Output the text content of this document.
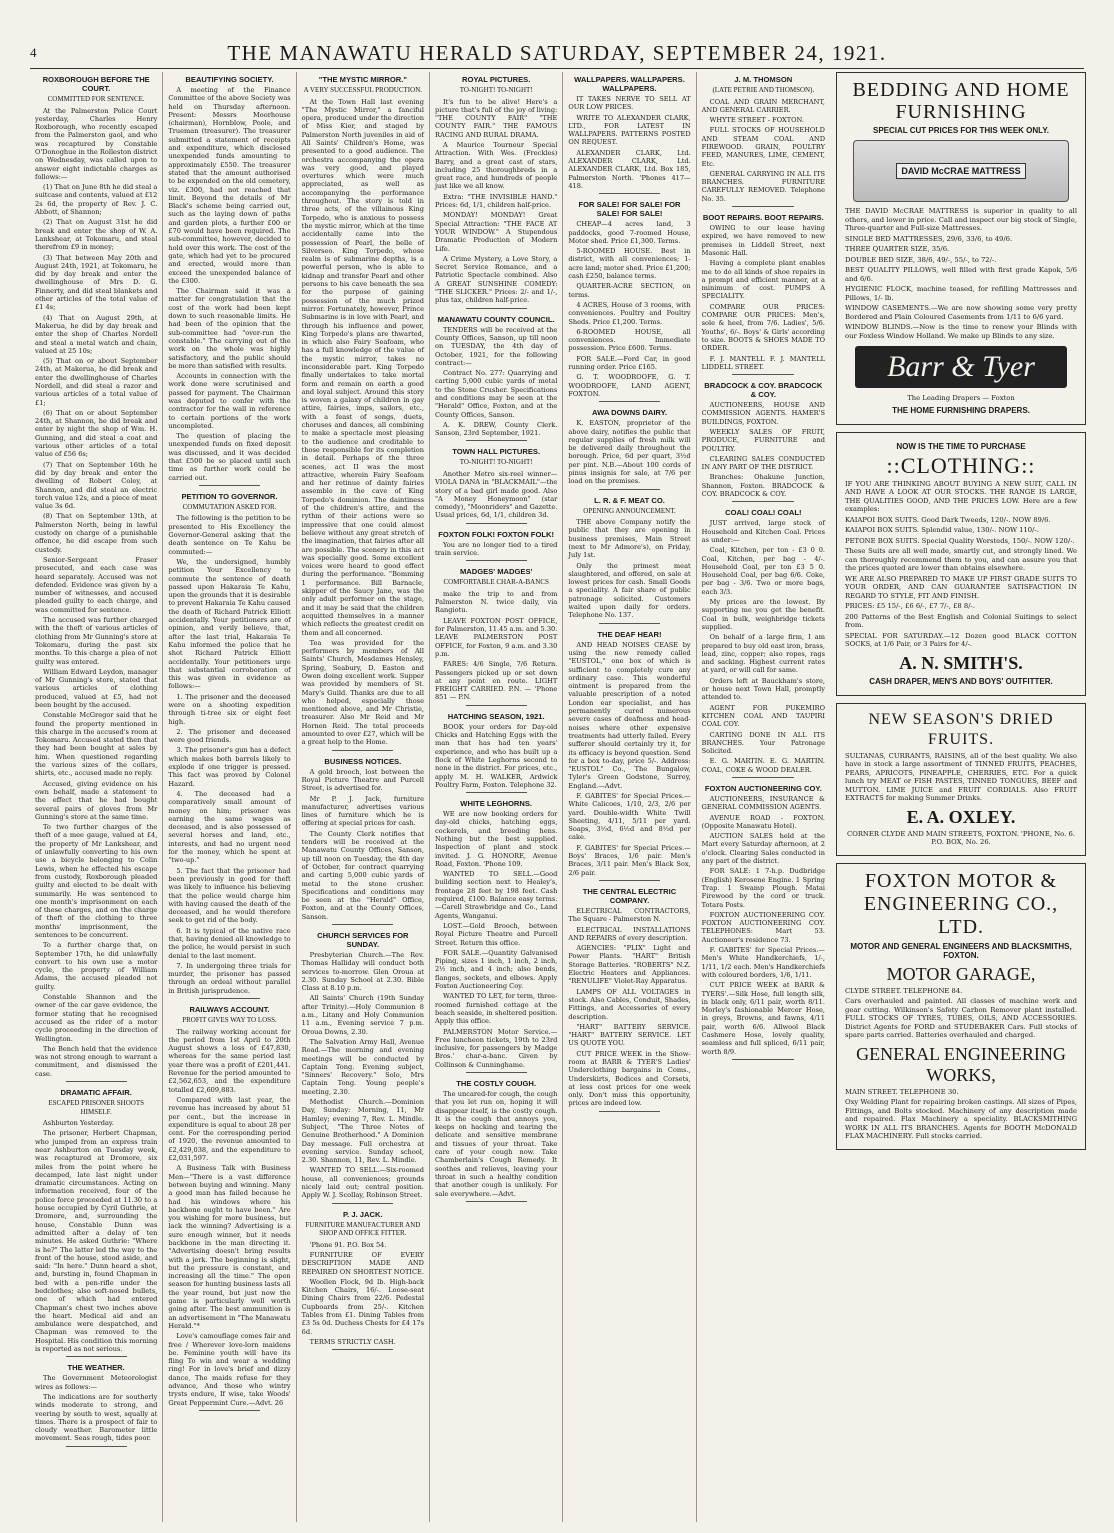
4	THE MANAWATU HERALD SATURDAY, SEPTEMBER 24, 1921.
ROXBOROUGH BEFORE THE COURT.
COMMITTED FOR SENTENCE.

At the Palmerston Police Court yesterday, Charles Henry Roxborough, who recently escaped from the Palmerston gaol, and who was recaptured by Constable O'Donoghue in the Rolleston district on Wednesday, was called upon to answer eight indictable charges as follows:—

(1) That on June 8th he did steal a suitcase and contents, valued at £12 2s 6d, the property of Rev. J. C. Abbott, of Shannon;

(2) That on August 31st he did break and enter the shop of W. A. Lankshear, at Tokomaru, and steal therefrom £9 in money;

(3) That between May 20th and August 24th, 1921, at Tokomaru, he did by day break and enter the dwellinghouse of Mrs D. G. Finnerty, and did steal blankets and other articles of the total value of £1 4s;

(4) That on August 29th, at Makerua, he did by day break and enter the shop of Charles Nordell and steal a metal watch and chain, valued at 25 10s;

(5) That on or about September 24th, at Makerua, he did break and enter the dwellinghouse of Charles Nordell, and did steal a razor and various articles of a total value of £1;

(6) That on or about September 24th, at Shannon, he did break and enter by night the shop of Wm. H. Gunning, and did steal a coat and various other articles of a total value of £56 6s;

(7) That on September 16th he did by day break and enter the dwelling of Robert Coley, at Shannon, and did steal an electric torch value 12s, and a piece of meat value 3s 6d.

(8) That on September 13th, at Palmerston North, being in lawful custody on charge of a punishable offence, he did escape from such custody.

Senior-Sergeant Fraser prosecuted, and each case was heard separately. Accused was not defended. Evidence was given by a number of witnesses, and accused pleaded guilty to each charge, and was committed for sentence.

The accused was further charged with the theft of various articles of clothing from Mr Gunning's store at Tokomaru, during the past six months. To this charge a plea of not guilty was entered.

William Edward Leydon, manager of Mr Gunning's store, stated that various articles of clothing produced, valued at £5, had not been bought by the accused.

Constable McGregor said that he found the property mentioned in this charge in the accused's room at Tokomaru. Accused stated then that they had been bought at sales by him. When questioned regarding the various sizes of the collars, shirts, etc., accused made no reply.

Accused, giving evidence on his own behalf, made a statement to the effect that he had bought several pairs of gloves from Mr Gunning's store at the same time.

To two further charges of the theft of a mee gauge, valued at £4, the property of Mr Lankshear, and of unlawfully converting to his own use a bicycle belonging to Colin Lewis, when he effected his escape from custody, Roxborough pleaded guilty and elected to be dealt with summarily. He was sentenced to one month's imprisonment on each of these charges, and on the charge of theft of the clothing to three months' imprisonment, the sentences to be concurrent.

To a further charge that, on September 17th, he did unlawfully convert to his own use a motor cycle, the property of William Adams, the accused pleaded not guilty.

Constable Shannon and the owner of the car gave evidence, the former stating that he recognised accused as the rider of a motor cycle proceeding in the direction of Wellington.

The Bench held that the evidence was not strong enough to warrant a commitment, and dismissed the case.

DRAMATIC AFFAIR.
ESCAPED PRISONER SHOOTS HIMSELF.

Ashburton Yesterday.

The prisoner, Herbert Chapman, who jumped from an express train near Ashburton on Tuesday week, was recaptured at Dromore, six miles from the point where he decamped, late last night under dramatic circumstances. Acting on information received, four of the police force proceeded at 11.30 to a house occupied by Cyril Guthrie, at Dromore, and, surrounding the house, Constable Dunn was admitted after a delay of ten minutes. He asked Guthrie: "Where is he?" The latter led the way to the front of the house, stood aside, and said: "In here." Dunn heard a shot, and, bursting in, found Chapman in bed with a pen-rifle under the bedclothes; also soft-nosed bullets, one of which had entered Chapman's chest two inches above the heart. Medical aid and an ambulance were despatched, and Chapman was removed to the Hospital. His condition this morning is reported as not serious.

THE WEATHER.

The Government Meteorologist wires as follows:—

The indications are for southerly winds moderate to strong, and veering by south to west, squally at times. There is a prospect of fair to cloudy weather. Barometer little movement. Seas rough, tides poor.

BEAUTIFYING SOCIETY.

A meeting of the Finance Committee of the above Society was held on Thursday afternoon. Present: Messrs Moorhouse (chairman), Hornblow, Poole, and Trueman (treasurer). The treasurer submitted a statement of receipts and expenditure, which disclosed unexpended funds amounting to approximately £550. The treasurer stated that the amount authorised to be expended on the old cemetery, viz. £300, had not reached that limit. Beyond the details of Mr Black's scheme being carried out, such as the laying down of paths and garden plots, a further £00 or £70 would have been required. The sub-committee, however, decided to hold over this work. The cost of the gate, which had yet to be procured and erected, would more than exceed the unexpended balance of the £300.

The Chairman said it was a matter for congratulation that the cost of the work had been kept down to such reasonable limits. He had been of the opinion that the sub-committee had "over-run the constable." The carrying out of the work on the whole was highly satisfactory, and the public should be more than satisfied with results.

Accounts in connection with the work done were scrutinised and passed for payment. The Chairman was deputed to confer with the contractor for the wall in reference to certain portions of the work uncompleted.

The question of placing the unexpended funds on fixed deposit was discussed, and it was decided that £500 be so placed until such time as further work could be carried out.

PETITION TO GOVERNOR.
COMMUTATION ASKED FOR.

The following is the petition to be presented to His Excellency the Governor-General asking that the death sentence on Te Kahu be commuted:—

We, the undersigned, humbly petition Your Excellency to commute the sentence of death passed upon Hakaraia Te Kahu, upon the grounds that it is desirable to prevent Hakaraia Te Kahu caused the death of Richard Patrick Elliott accidentally. Your petitioners are of opinion, and verily believe, that, after the last trial, Hakaraia Te Kahu informed the police that he shot Richard Patrick Elliott accidentally. Your petitioners urge that substantial corroboration of this was given in evidence as follows:—

1. The prisoner and the deceased were on a shooting expedition through ti-tree six or eight feet high.

2. The prisoner and deceased were good friends.

3. The prisoner's gun has a defect which makes both barrels likely to explode if one trigger is pressed. This fact was proved by Colonel Hazard.

4. The deceased had a comparatively small amount of money on him; prisoner was earning the same wages as deceased, and is also possessed of several horses and land, etc., interests, and had no urgent need for the money, which he spent at "two-up."

5. The fact that the prisoner had been previously in good for theft was likely to influence his believing that the police would charge him with having caused the death of the deceased, and he would therefore seek to get rid of the body.

6. It is typical of the native race that, having denied all knowledge to the police, he would persist in such denial to the last moment.

7. In undergoing three trials for murder, the prisoner has passed through an ordeal without parallel in British jurisprudence.

RAILWAYS ACCOUNT.
PROFIT GIVES WAY TO LOSS.

The railway working account for the period from 1st April to 20th August shows a loss of £47,830, whereas for the same period last year there was a profit of £201,441. Revenue for the period amounted to £2,562,653, and the expenditure totalled £2,609,883.

Compared with last year, the revenue has increased by about 51 per cent., but the increase in expenditure is equal to about 28 per cent. For the corresponding period of 1920, the revenue amounted to £2,429,038, and the expenditure to £2,031,597.

A Business Talk with Business Men—"There is a vast difference between buying and winning. Many a good man has failed because he had his windows where his backbone ought to have been." Are you wishing for more business, but lack the winning? Advertising is a sure enough winner, but it needs backbone in the man directing it. "Advertising doesn't bring results with a jerk. The beginning is slight, but the pressure is constant, and increasing all the time." The open season for hunting business lasts all the year round, but just now the game is particularly well worth going after. The best ammunition is an advertisement in "The Manawatu Herald."*

Love's camouflage comes fair and free / Wherever love-lorn maidens be. Feminine youth will have its fling To win and wear a wedding ring! For in love's brief and dizzy dance, The maids refuse for they advance, And those who wintry trysts endure, If wise, take Woods' Great Peppermint Cure.—Advt. 26

"THE MYSTIC MIRROR."
A VERY SUCCESSFUL PRODUCTION.

At the Town Hall last evening "The Mystic Mirror," a fanciful opera, produced under the direction of Miss Kier, and staged by Palmerston North juveniles in aid of All Saints' Children's Home, was presented to a good audience. The orchestra accompanying the opera was very good, and played overtures which were much appreciated, as well as accompanying the performance throughout. The story is told in three acts, of the villainous King Torpedo, who is anxious to possess the mystic mirror, which at the time accidentally came into the possession of Pearl, the belle of Silverseo. King Torpedo, whose realm is of submarine depths, is a powerful person, who is able to kidnap and transfer Pearl and other persons to his cave beneath the sea for the purpose of gaining possession of the much prized mirror. Fortunately, however, Prince Submarine is in love with Pearl, and through his influence and power, King Torpedo's plans are thwarted, in which also Fairy Seafoam, who has a full knowledge of the value of the mystic mirror, takes no inconsiderable part. King Torpedo finally undertakes to take mortal form and remain on earth a good and loyal subject. Around this story is woven a galaxy of children in gay attire, fairies, imps, sailors, etc., with a feast of songs, duets, choruses and dances, all combining to make a spectacle most pleasing to the audience and creditable to those responsible for its completion in detail. Perhaps of the three scenes, act II was the most attractive, wherein Fairy Seafoam and her retinue of dainty fairies assemble in the cave of King Torpedo's dominion. The daintiness of the children's attire, and the rythm of their actions were so impressive that one could almost believe without any great stretch of the imagination, that fairies after all are possible. The scenery in this act was specially good. Some excellent voices were heard to good effect during the performance. "Bomming 1 performance. Bill Barnacle, skipper of the Saucy Jane, was the only adult performer on the stage, and it may be said that the children acquitted themselves in a manner which reflects the greatest credit on them and all concerned.

Tea was provided for the performers by members of All Saints' Church, Mesdames Hensley, Spring, Seabury, D. Easton and Owen doing excellent work. Supper was provided by members of St. Mary's Guild. Thanks are due to all who helped, especially those mentioned above, and Mr Christie, treasurer. Also Mr Reid and Mr Hornen Reid. The total proceeds amounted to over £27, which will be a great help to the Home.

BUSINESS NOTICES.

A gold brooch, lost between the Royal Picture Theatre and Purcell Street, is advertised for.

Mr P. J. Jack, furniture manufacturer, advertises various lines of furniture which he is offering at special prices for cash.

The County Clerk notifies that tenders will be received at the Manawatu County Offices, Sanson, up till noon on Tuesday, the 4th day of October, for contract quarrying and carting 5,000 cubic yards of metal to the stone crusher. Specifications and conditions may be seen at the "Herald" Office, Foxton, and at the County Offices, Sanson.

CHURCH SERVICES FOR SUNDAY.

Presbyterian Church.—The Rev. Thomas Halliday will conduct both services to-morrow. Glen Oroua at 2.30. Sunday School at 2.30. Bible Class at 8.10 p.m.

All Saints' Church (19th Sunday after Trinity).—Holy Communion 8 a.m., Litany and Holy Communion 11 a.m., Evening service 7 p.m. Oroua Downs, 2.30.

The Salvation Army Hall, Avenue Road.—The morning and evening meetings will be conducted by Captain Tong. Evening subject, "Sinners' Recovery." Solo, Mrs Captain Tong. Young people's meeting, 2.30.

Methodist Church.—Dominion Day, Sunday: Morning, 11, Mr Hamley; evening 7, Rev. L. Mindle. Subject, "The Three Notes of Genuine Brotherhood." A Dominion Day message. Full orchestra at evening service. Sunday school, 2.30. Shannon, 11, Rev. L. Mindle.

WANTED TO SELL.—Six-roomed house, all conveniences; grounds nicely laid out; central position. Apply W. J. Scollay, Robinson Street.

P. J. JACK.
FURNITURE MANUFACTURER AND SHOP AND OFFICE FITTER.

'Phone 91. P.O. Box 54.

FURNITURE OF EVERY DESCRIPTION MADE AND REPAIRED ON SHORTEST NOTICE.

Woollen Flock, 9d lb. High-back Kitchen Chairs, 16/-. Loose-seat Dining Chairs from 22/6. Pedestal Cupboards from 25/-. Kitchen Tables from £1. Dining Tables from £3 5s 0d. Duchess Chests for £4 17s 6d.

TERMS STRICTLY CASH.

ROYAL PICTURES.
TO-NIGHT! TO-NIGHT!

It's fun to be alive! Here's a picture that's full of the joy of living: "THE COUNTY FAIR" "THE COUNTY FAIR." THE FAMOUS RACING AND RURAL DRAMA.

A Maurice Tourneur Special Attraction. With Wes. (Freckles) Barry, and a great cast of stars, including 25 thoroughbreds in a great race, and hundreds of people just like we all know.

Extra: "THE INVISIBLE HAND." Prices: 6d, 1/1, children half-price.

MONDAY! MONDAY! Great Special Attraction: "THE FACE AT YOUR WINDOW." A Stupendous Dramatic Production of Modern Life.

A Crime Mystery, a Love Story, a Secret Service Romance, and a Patriotic Spectacle combined. Also A GREAT SUNSHINE COMEDY: "THE SLICKER." Prices: 2/- and 1/-, plus tax, children half-price.

MANAWATU COUNTY COUNCIL.

TENDERS will be received at the County Offices, Sanson, up till noon on TUESDAY, the 4th day of October, 1921, for the following contract:—

Contract No. 277: Quarrying and carting 5,000 cubic yards of metal to the Stone Crusher. Specifications and conditions may be seen at the "Herald" Office, Foxton, and at the County Offices, Sanson.

A. K. DREW, County Clerk. Sanson, 23rd September, 1921.

TOWN HALL PICTURES.
TO-NIGHT! TO-NIGHT!

Another Metro six-reel winner—VIOLA DANA in "BLACKMAIL"—the story of a bad girl made good. Also "A Money Honeymoon" (star comedy), "Moonriders" and Gazette. Usual prices, 6d, 1/1, children 3d.

FOXTON FOLK! FOXTON FOLK!

You are no longer tied to a tired train service.

MADGES' MADGES'
COMFORTABLE CHAR-A-BANCS

make the trip to and from Palmerston N. twice daily, via Rangiotu.

LEAVE FOXTON POST OFFICE, for Palmerston, 11.45 a.m. and 5.30. LEAVE PALMERSTON POST OFFICE, for Foxton, 9 a.m. and 3.30 p.m.

FARES: 4/6 Single, 7/6 Return. Passengers picked up or set down at any point en route. LIGHT FREIGHT CARRIED. P.N. — 'Phone 851 — P.N.

HATCHING SEASON, 1921.

BOOK your orders for Day-old Chicks and Hatching Eggs with the man that has had ten years' experience, and who has built up a flock of White Leghorns second to none in the district. For prices, etc., apply M. H. WALKER, Ardwick Poultry Farm, Foxton. Telephone 32.

WHITE LEGHORNS.

WE are now booking orders for day-old chicks, hatching eggs, cockerels, and breeding hens. Nothing but the best supplied. Inspection of plant and stock invited. J. G. HONORE, Avenue Road, Foxton. 'Phone 109.

WANTED TO SELL.—Good building section next to Healey's, frontage 28 feet by 198 feet. Cash required, £100. Balance easy terms.—Carell Strawbridge and Co., Land Agents, Wanganui.

LOST.—Gold Brooch, between Royal Picture Theatre and Purcell Street. Return this office.

FOR SALE.—Quantity Galvanised Piping, sizes 1 inch, 1 inch, 2 inch, 2½ inch, and 4 inch; also bends, flanges, sockets, and elbows. Apply Foxton Auctioneering Coy.

WANTED TO LET, for term, three-roomed furnished cottage at the beach seaside, in sheltered position. Apply this office.

PALMERSTON Motor Service.—Free luncheon tickets, 19th to 23rd inclusive, for passengers by Madge Bros.' char-a-banc. Given by Collinson & Cunninghame.

THE COSTLY COUGH.

The uncared-for cough, the cough that you let run on, hoping it will disappear itself, is the costly cough. It is the cough that annoys you, keeps on hacking and tearing the delicate and sensitive membrane and tissues of your throat. Take care of your cough now. Take Chamberlain's Cough Remedy. It soothes and relieves, leaving your throat in such a healthy condition that another cough is unlikely. For sale everywhere.—Advt.

WALLPAPERS. WALLPAPERS. WALLPAPERS.

IT TAKES NERVE TO SELL AT OUR LOW PRICES.

WRITE TO ALEXANDER CLARK, LTD., FOR LATEST IN WALLPAPERS. PATTERNS POSTED ON REQUEST.

ALEXANDER CLARK, Ltd. ALEXANDER CLARK, Ltd. ALEXANDER CLARK, Ltd. Box 185, Palmerston North. 'Phones 417—418.

FOR SALE! FOR SALE! FOR SALE! FOR SALE!

CHEAP—4 acres land, 3 paddocks, good 7-roomed House, Motor shed. Price £1,300. Terms.

5-ROOMED HOUSE. Best in district, with all conveniences; 1-acre land; motor shed. Price £1,200; cash £250, balance terms.

QUARTER-ACRE SECTION, on terms.

4 ACRES, House of 3 rooms, with conveniences. Poultry and Poultry Sheds. Price £1,200. Terms.

6-ROOMED HOUSE, all conveniences. Immediate possession. Price £600. Terms.

FOR SALE.—Ford Car, in good running order. Price £165.

G. T. WOODROOFE, G. T. WOODROOFE, LAND AGENT, FOXTON.

AWA DOWNS DAIRY.

K. EASTON, proprietor of the above dairy, notifies the public that regular supplies of fresh milk will be delivered daily throughout the borough. Price, 6d per quart, 3½d per pint. N.B.—About 100 cords of pinus insignis for sale, at 7/6 per load on the premises.

L. R. & F. MEAT CO.
OPENING ANNOUNCEMENT.

THE above Company notify the public that they are opening in business premises, Main Street (next to Mr Admore's), on Friday, July 1st.

Only the primest meat slaughtered, and offered, on sale at lowest prices for cash. Small Goods a speciality. A fair share of public patronage solicited. Customers waited upon daily for orders. Telephone No. 137.

THE DEAF HEAR!

AND HEAD NOISES CEASE by using the new remedy called "EUSTOL," one box of which is sufficient to completely cure any ordinary case. This wonderful ointment is prepared from the valuable prescription of a noted London ear specialist, and has permanently cured numerous severe cases of deafness and head-noises where other expensive treatments had utterly failed. Every sufferer should certainly try it, for its efficacy is beyond question. Send for a box to-day, price 5/-. Address: "EUSTOL" Co., The Bungalow, Tyler's Green Godstone, Surrey, England.—Advt.

F. GABITES' for Special Prices.—White Calicoes, 1/10, 2/3, 2/6 per yard. Double-width White Twill Sheeting, 4/11, 5/11 per yard. Soaps, 3½d, 6½d and 8½d per cake.

F. GABITES' for Special Prices.—Boys' Braces, 1/6 pair. Men's Braces, 3/11 pair. Men's Black Sox, 2/6 pair.

THE CENTRAL ELECTRIC COMPANY.

ELECTRICAL CONTRACTORS, The Square - Palmerston N.

ELECTRICAL INSTALLATIONS AND REPAIRS of every description.

AGENCIES: "PLIX" Light and Power Plants. "HART" British Storage Batteries. "ROBERTS" N.Z. Electric Heaters and Appliances. "RENULIFE" Violet-Ray Apparatus.

LAMPS OF ALL VOLTAGES in stock. Also Cables, Conduit, Shades, Fittings, and Accessories of every description.

"HART" BATTERY SERVICE. "HART" BATTERY SERVICE. LET US QUOTE YOU.

CUT PRICE WEEK in the Show-room at BARR & TYER'S Ladies' Underclothing bargains in Coms., Underskirts, Bodices and Corsets, at less cost prices for one week only. Don't miss this opportunity, prices are indeed low.

J. M. THOMSON
(LATE PETRIE AND THOMSON).

COAL AND GRAIN MERCHANT, AND GENERAL CARRIER.

WHYTE STREET - FOXTON.

FULL STOCKS OF HOUSEHOLD AND STEAM COAL AND FIREWOOD. GRAIN, POULTRY FEED, MANURES, LIME, CEMENT, Etc.

GENERAL CARRYING IN ALL ITS BRANCHES. FURNITURE CAREFULLY REMOVED. Telephone No. 35.

BOOT REPAIRS. BOOT REPAIRS.

OWING to our lease having expired, we have removed to new premises in Liddell Street, next Masonic Hall.

Having a complete plant enables me to do all kinds of shoe repairs in a prompt and efficient manner, at a minimum of cost. PUMPS A SPECIALITY.

COMPARE OUR PRICES: COMPARE OUR PRICES: Men's, sole & heel, from 7/6. Ladies', 5/6. Youths', 6/-. Boys' & Girls' according to size. BOOTS & SHOES MADE TO ORDER.

F. J. MANTELL F. J. MANTELL LIDDELL STREET.

BRADCOCK & COY. BRADCOCK & COY.

AUCTIONEERS, HOUSE AND COMMISSION AGENTS. HAMER'S BUILDINGS, FOXTON.

WEEKLY SALES OF FRUIT, PRODUCE, FURNITURE and POULTRY.

CLEARING SALES CONDUCTED IN ANY PART OF THE DISTRICT.

Branches: Ohakune Junction, Shannon, Foxton. BRADCOCK & COY. BRADCOCK & COY.

COAL! COAL! COAL!

JUST arrived, large stock of Household and Kitchen Coal. Prices as under:—

Coal, Kitchen, per ton - £3 0 0. Coal, Kitchen, per bag - 4/-. Household Coal, per ton £3 5 0. Household Coal, per bag 6/6. Coke, per bag - 3/6. Two or more bags, each 3/3.

My prices are the lowest. By supporting me you get the benefit. Coal in bulk, weighbridge tickets supplied.

On behalf of a large firm, I am prepared to buy old east iron, brass, lead, zinc, copper; also ropes, rags and sacking. Highest current rates at yard, or will call for same.

Orders left at Bauckham's store, or house next Town Hall, promptly attended to.

AGENT FOR PUKEMIRO KITCHEN COAL AND TAUPIRI COAL COY.

CARTING DONE IN ALL ITS BRANCHES. Your Patronage Solicited.

E. G. MARTIN. E. G. MARTIN. COAL, COKE & WOOD DEALER.

FOXTON AUCTIONEERING COY.

AUCTIONEERS, INSURANCE & GENERAL COMMISSION AGENTS.

AVENUE ROAD - FOXTON. (Opposite Manawatu Hotel).

AUCTION SALES held at the Mart every Saturday afternoon, at 2 o'clock. Clearing Sales conducted in any part of the district.

FOR SALE: 1 7-h.p. Dudbridge (English) Kerosene Engine. 1 Spring Trap. 1 Swamp Plough. Matai Firewood by the cord or truck. Totara Posts.

FOXTON AUCTIONEERING COY. FOXTON AUCTIONEERING COY. TELEPHONES: Mart 53. Auctioneer's residence 73.

F. GABITES' for Special Prices.—Men's White Handkerchiefs, 1/-, 1/11, 1/2 each. Men's Handkerchiefs with coloured borders, 1/6, 1/11.

CUT PRICE WEEK at BARR & TYERS'.—Silk Hose, full length silk, in black only, 6/11 pair, worth 8/11. Morley's fashionable Mercer Hose, in greys, Browns, and fawns, 4/11 pair, worth 6/6. Allwool Black Cashmere Hose, lovely quality, seamless and full spliced, 6/11 pair, worth 8/9.

BEDDING AND HOME FURNISHING
SPECIAL CUT PRICES FOR THIS WEEK ONLY.
DAVID McCRAE MATTRESS
THE DAVID McCRAE MATTRESS is superior in quality to all others, and lower in price. Call and inspect our big stock of Single, Three-quarter and Full-size Mattresses.
SINGLE BED MATTRESSES, 29/6, 33/6, to 49/6.
THREE QUARTER SIZE, 35/6.
DOUBLE BED SIZE, 38/6, 49/-, 55/-, to 72/-.
BEST QUALITY PILLOWS, well filled with first grade Kapok, 5/6 and 6/6.
HYGIENIC FLOCK, machine teased, for refilling Mattresses and Pillows, 1/- lb.
WINDOW CASEMENTS.—We are now showing some very pretty Bordered and Plain Coloured Casements from 1/11 to 6/6 yard.
WINDOW BLINDS.—Now is the time to renew your Blinds with our Foxless Window Holland. We make up Blinds to any size.
Barr & Tyer
The Leading Drapers — Foxton
THE HOME FURNISHING DRAPERS.
NOW IS THE TIME TO PURCHASE
::CLOTHING::
IF YOU ARE THINKING ABOUT BUYING A NEW SUIT, CALL IN AND HAVE A LOOK AT OUR STOCKS. THE RANGE IS LARGE, THE QUALITIES GOOD, AND THE PRICES LOW. Here are a few examples:
KAIAPOI BOX SUITS. Good Dark Tweeds, 120/-. NOW 89/6.
KAIAPOI BOX SUITS. Splendid value, 130/-. NOW 110/-.
PETONE BOX SUITS. Special Quality Worsteds, 150/-. NOW 120/-.
These Suits are all well made, smartly cut, and strongly lined. We can thoroughly recommend them to you, and can assure you that the prices quoted are lower than obtains elsewhere.
WE ARE ALSO PREPARED TO MAKE UP FIRST GRADE SUITS TO YOUR ORDER, AND CAN GUARANTEE SATISFACTION IN REGARD TO STYLE, FIT AND FINISH.
PRICES: £5 15/-, £6 6/-, £7 7/-, £8 8/-.
200 Patterns of the Best English and Colonial Suitings to select from.
SPECIAL FOR SATURDAY.—12 Dozen good BLACK COTTON SOCKS, at 1/6 Pair, or 3 Pairs for 4/-.
A. N. SMITH'S.
CASH DRAPER, MEN'S AND BOYS' OUTFITTER.
NEW SEASON'S DRIED FRUITS.
SULTANAS, CURRANTS, RAISINS, all of the best quality. We also have in stock a large assortment of TINNED FRUITS, PEACHES, PEARS, APRICOTS, PINEAPPLE, CHERRIES, ETC. For a quick lunch try MEAT or FISH PASTES, TINNED TONGUES, BEEF and MUTTON. LIME JUICE and FRUIT CORDIALS. Also FRUIT EXTRACTS for making Summer Drinks.
E. A. OXLEY.
CORNER CLYDE AND MAIN STREETS, FOXTON. 'PHONE, No. 6. P.O. BOX, No. 26.
FOXTON MOTOR & ENGINEERING CO., LTD.
MOTOR AND GENERAL ENGINEERS AND BLACKSMITHS, FOXTON.
MOTOR GARAGE,
CLYDE STREET. TELEPHONE 84.
Cars overhauled and painted. All classes of machine work and gear cutting. Wilkinson's Safety Carbon Remover plant installed. FULL STOCKS OF TYRES, TUBES, OILS, AND ACCESSORIES. District Agents for FORD and STUDEBAKER Cars. Full stocks of spare parts carried. Batteries overhauled and charged.
GENERAL ENGINEERING WORKS,
MAIN STREET. TELEPHONE 30.
Oxy Welding Plant for repairing broken castings. All sizes of Pipes, Fittings, and Bolts stocked. Machinery of any description made and repaired. Flax Machinery a speciality. BLACKSMITHING WORK IN ALL ITS BRANCHES. Agents for BOOTH McDONALD FLAX MACHINERY. Full stocks carried.
